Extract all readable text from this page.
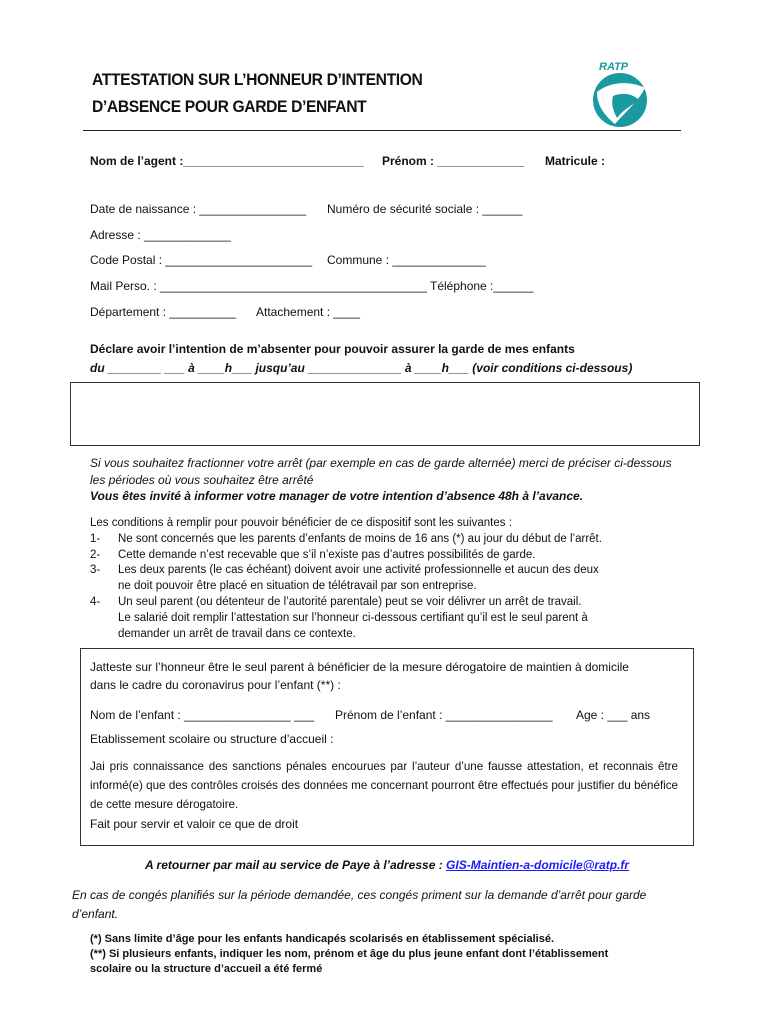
ATTESTATION SUR L’HONNEUR D’INTENTION
D’ABSENCE POUR GARDE D’ENFANT
RATP
Nom de l’agent :___________________________ Prénom : _____________ Matricule :
Date de naissance : ________________ Numéro de sécurité sociale : ______
Adresse : _____________
Code Postal : ______________________ Commune : ______________
Mail Perso. : ________________________________________ Téléphone :______
Département : __________ Attachement : ____
Déclare avoir l’intention de m’absenter pour pouvoir assurer la garde de mes enfants
du ________ ___ à ____h___ jusqu’au ______________ à ____h___ (voir conditions ci-dessous)
Si vous souhaitez fractionner votre arrêt (par exemple en cas de garde alternée) merci de préciser ci-dessous
les périodes où vous souhaitez être arrêté
Vous êtes invité à informer votre manager de votre intention d’absence 48h à l’avance.
Les conditions à remplir pour pouvoir bénéficier de ce dispositif sont les suivantes :
1-	Ne sont concernés que les parents d’enfants de moins de 16 ans (*) au jour du début de l’arrêt.
2-	Cette demande n’est recevable que s’il n’existe pas d’autres possibilités de garde.
3-	Les deux parents (le cas échéant) doivent avoir une activité professionnelle et aucun des deux
ne doit pouvoir être placé en situation de télétravail par son entreprise.
4-	Un seul parent (ou détenteur de l’autorité parentale) peut se voir délivrer un arrêt de travail.
Le salarié doit remplir l’attestation sur l’honneur ci-dessous certifiant qu’il est le seul parent à
demander un arrêt de travail dans ce contexte.
Jatteste sur l’honneur être le seul parent à bénéficier de la mesure dérogatoire de maintien à domicile
dans le cadre du coronavirus pour l’enfant (**) :
Nom de l’enfant : ________________ ___ Prénom de l’enfant : ________________ Age : ___ ans
Etablissement scolaire ou structure d’accueil :
Jai pris connaissance des sanctions pénales encourues par l’auteur d’une fausse attestation, et reconnais être informé(e) que des contrôles croisés des données me concernant pourront être effectués pour justifier du bénéfice de cette mesure dérogatoire.
Fait pour servir et valoir ce que de droit
A retourner par mail au service de Paye à l’adresse : GIS-Maintien-a-domicile@ratp.fr
En cas de congés planifiés sur la période demandée, ces congés priment sur la demande d’arrêt pour garde
d’enfant.
(*) Sans limite d’âge pour les enfants handicapés scolarisés en établissement spécialisé.
(**) Si plusieurs enfants, indiquer les nom, prénom et âge du plus jeune enfant dont l’établissement
scolaire ou la structure d’accueil a été fermé
